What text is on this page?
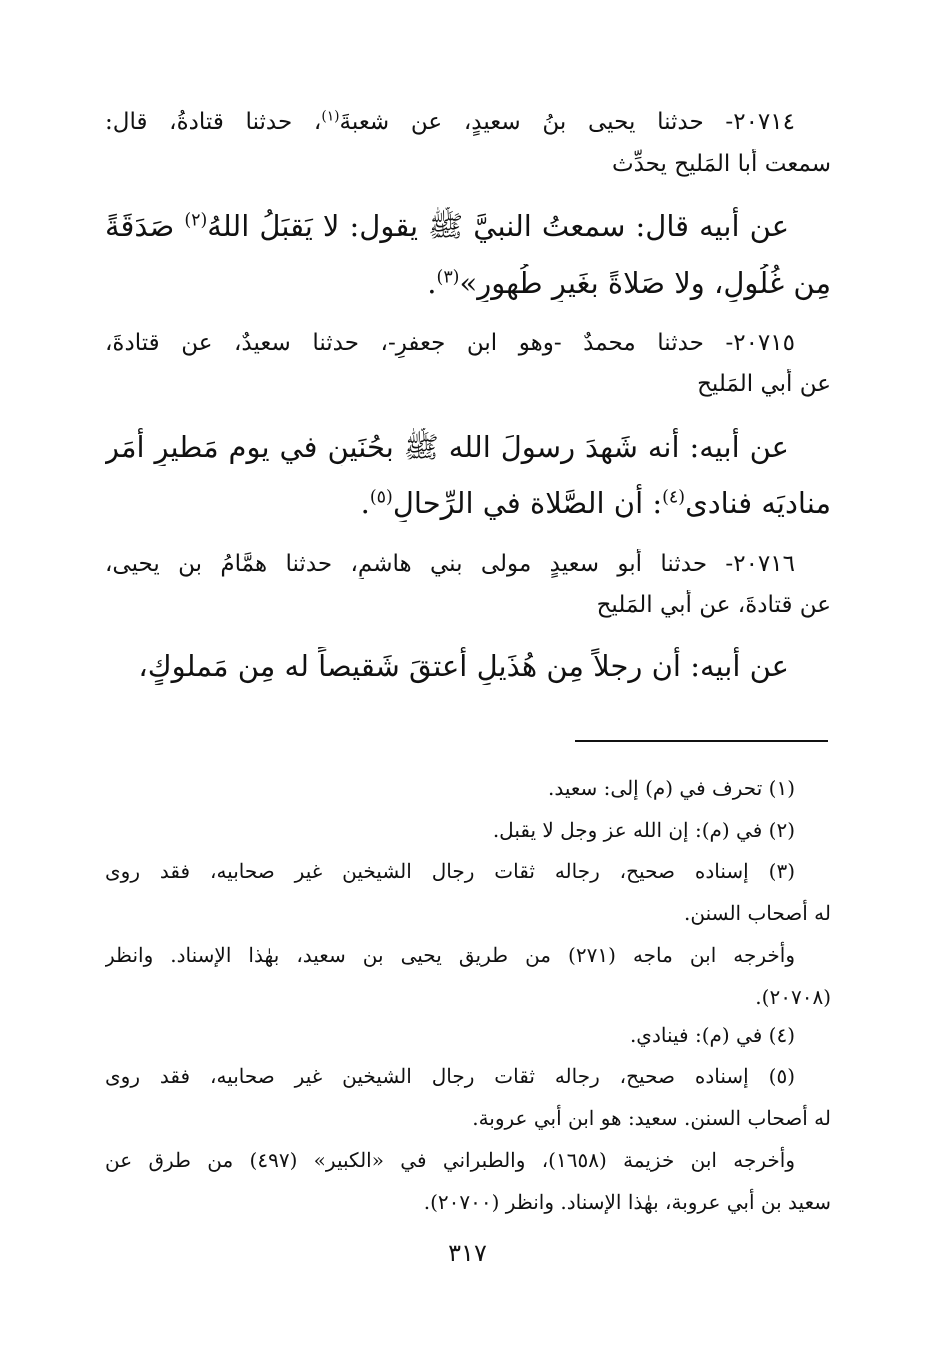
٢٠٧١٤- حدثنا يحيى بنُ سعيدٍ، عن شعبةَ$^{(١)}$، حدثنا قتادةُ، قال:
سمعت أبا المَليح يحدِّث
عن أَبيه قال: سمعتُ النبيَّ ﷺ يقول: لا يَقبَلُ اللهُ$^{(٢)}$ صَدَقَةً
مِن غُلُولٍ، ولا صَلاةً بغَيرِ طُهورٍ»$^{(٣)}$.
٢٠٧١٥- حدثنا محمدٌ -وهو ابن جعفرٍ-، حدثنا سعيدٌ، عن قتادةَ،
عن أبي المَليح
عن أبيه: أنه شَهِدَ رسولَ الله ﷺ بحُنَينٍ في يوم مَطيرٍ أَمَر
مناديَه فنادى$^{(٤)}$: أن الصَّلاة في الرِّحالِ$^{(٥)}$.
٢٠٧١٦- حدثنا أبو سعيدٍ مولى بني هاشمٍ، حدثنا همَّامُ بن يحيى،
عن قتادةَ، عن أبي المَليح
عن أبيه: أن رجلاً مِن هُذَيلٍ أَعتقَ شَقيصاً له مِن مَملوكٍ،
(١) تحرف في (م) إلى: سعيد.
(٢) في (م): إن الله عز وجل لا يقبل.
(٣) إسناده صحيح، رجاله ثقات رجال الشيخين غير صحابيه، فقد روى
له أصحاب السنن.
وأخرجه ابن ماجه (٢٧١) من طريق يحيى بن سعيد، بهٰذا الإسناد. وانظر
(٢٠٧٠٨).
(٤) في (م): فينادي.
(٥) إسناده صحيح، رجاله ثقات رجال الشيخين غير صحابيه، فقد روى
له أصحاب السنن. سعيد: هو ابن أبي عروبة.
وأخرجه ابن خزيمة (١٦٥٨)، والطبراني في «الكبير» (٤٩٧) من طرق عن
سعيد بن أبي عروبة، بهٰذا الإسناد. وانظر (٢٠٧٠٠).
٣١٧
